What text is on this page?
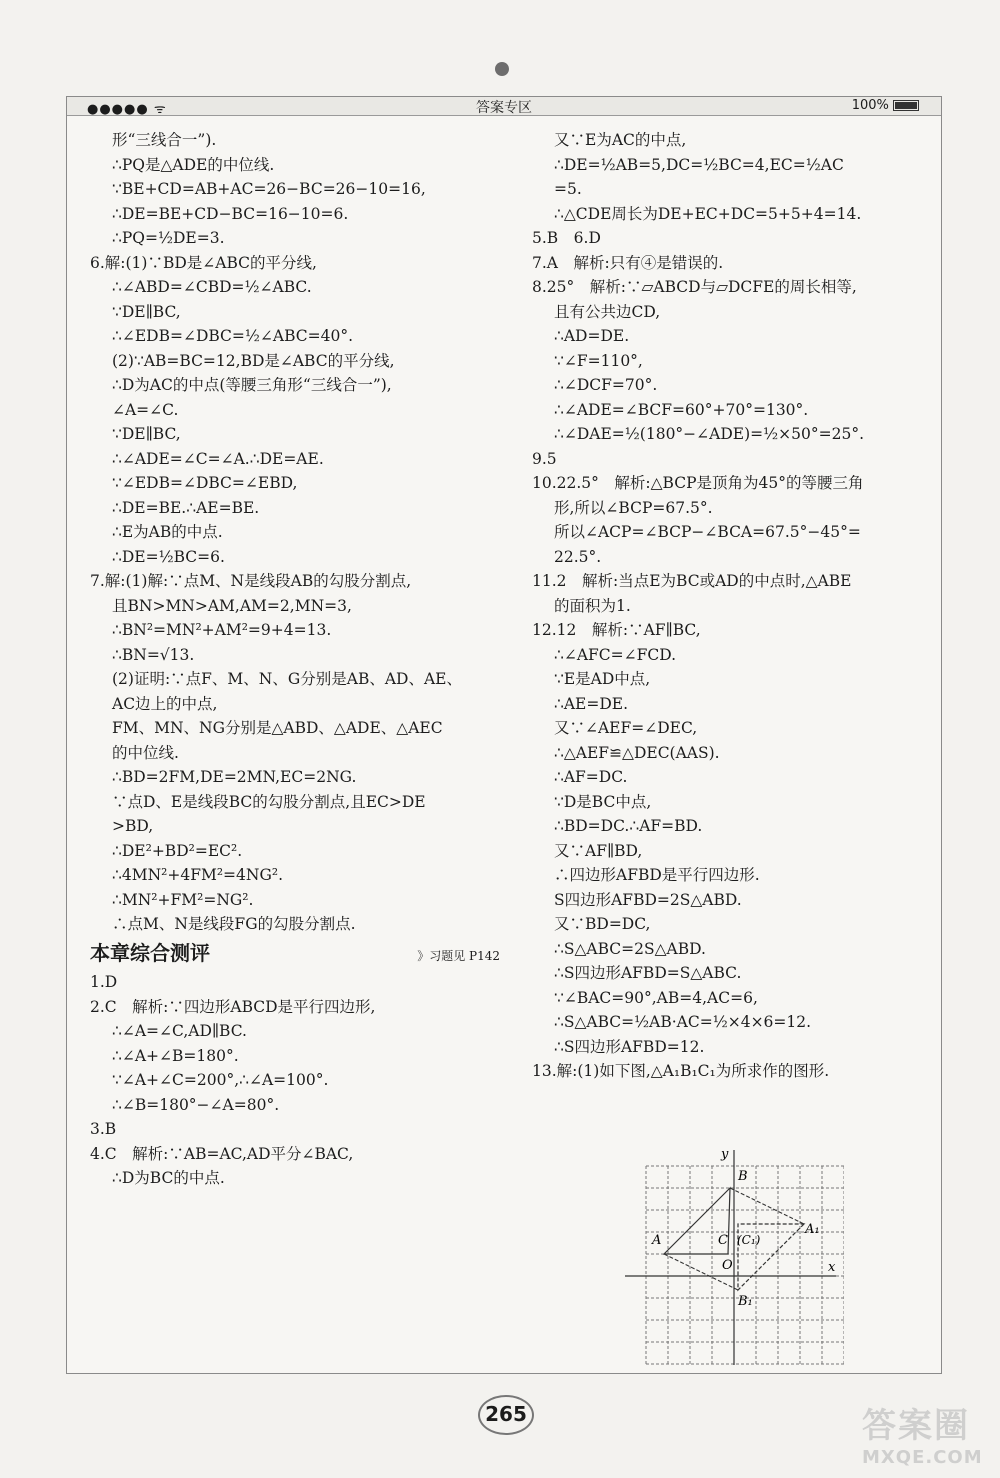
●●●●● ᯤ	答案专区	100%
形“三线合一”).
∴PQ是△ADE的中位线.
∵BE+CD=AB+AC=26−BC=26−10=16,
∴DE=BE+CD−BC=16−10=6.
∴PQ=½DE=3.
6.解:(1)∵BD是∠ABC的平分线,
∴∠ABD=∠CBD=½∠ABC.
∵DE∥BC,
∴∠EDB=∠DBC=½∠ABC=40°.
(2)∵AB=BC=12,BD是∠ABC的平分线,
∴D为AC的中点(等腰三角形“三线合一”),
∠A=∠C.
∵DE∥BC,
∴∠ADE=∠C=∠A.∴DE=AE.
∵∠EDB=∠DBC=∠EBD,
∴DE=BE.∴AE=BE.
∴E为AB的中点.
∴DE=½BC=6.
7.解:(1)解:∵点M、N是线段AB的勾股分割点,
且BN>MN>AM,AM=2,MN=3,
∴BN²=MN²+AM²=9+4=13.
∴BN=√13.
(2)证明:∵点F、M、N、G分别是AB、AD、AE、
AC边上的中点,
FM、MN、NG分别是△ABD、△ADE、△AEC
的中位线.
∴BD=2FM,DE=2MN,EC=2NG.
∵点D、E是线段BC的勾股分割点,且EC>DE
>BD,
∴DE²+BD²=EC².
∴4MN²+4FM²=4NG².
∴MN²+FM²=NG².
∴点M、N是线段FG的勾股分割点.
本章综合测评	》习题见 P142
1.D
2.C　解析:∵四边形ABCD是平行四边形,
∴∠A=∠C,AD∥BC.
∴∠A+∠B=180°.
∵∠A+∠C=200°,∴∠A=100°.
∴∠B=180°−∠A=80°.
3.B
4.C　解析:∵AB=AC,AD平分∠BAC,
∴D为BC的中点.
又∵E为AC的中点,
∴DE=½AB=5,DC=½BC=4,EC=½AC
=5.
∴△CDE周长为DE+EC+DC=5+5+4=14.
5.B　6.D
7.A　解析:只有④是错误的.
8.25°　解析:∵▱ABCD与▱DCFE的周长相等,
且有公共边CD,
∴AD=DE.
∵∠F=110°,
∴∠DCF=70°.
∴∠ADE=∠BCF=60°+70°=130°.
∴∠DAE=½(180°−∠ADE)=½×50°=25°.
9.5
10.22.5°　解析:△BCP是顶角为45°的等腰三角
形,所以∠BCP=67.5°.
所以∠ACP=∠BCP−∠BCA=67.5°−45°=
22.5°.
11.2　解析:当点E为BC或AD的中点时,△ABE
的面积为1.
12.12　解析:∵AF∥BC,
∴∠AFC=∠FCD.
∵E是AD中点,
∴AE=DE.
又∵∠AEF=∠DEC,
∴△AEF≌△DEC(AAS).
∴AF=DC.
∵D是BC中点,
∴BD=DC.∴AF=BD.
又∵AF∥BD,
∴四边形AFBD是平行四边形.
S四边形AFBD=2S△ABD.
又∵BD=DC,
∴S△ABC=2S△ABD.
∴S四边形AFBD=S△ABC.
∵∠BAC=90°,AB=4,AC=6,
∴S△ABC=½AB·AC=½×4×6=12.
∴S四边形AFBD=12.
13.解:(1)如下图,△A₁B₁C₁为所求作的图形.
y
x
B
A₁
A	C (C₁)
O
B₁
265	答案圈
MXQE.COM
